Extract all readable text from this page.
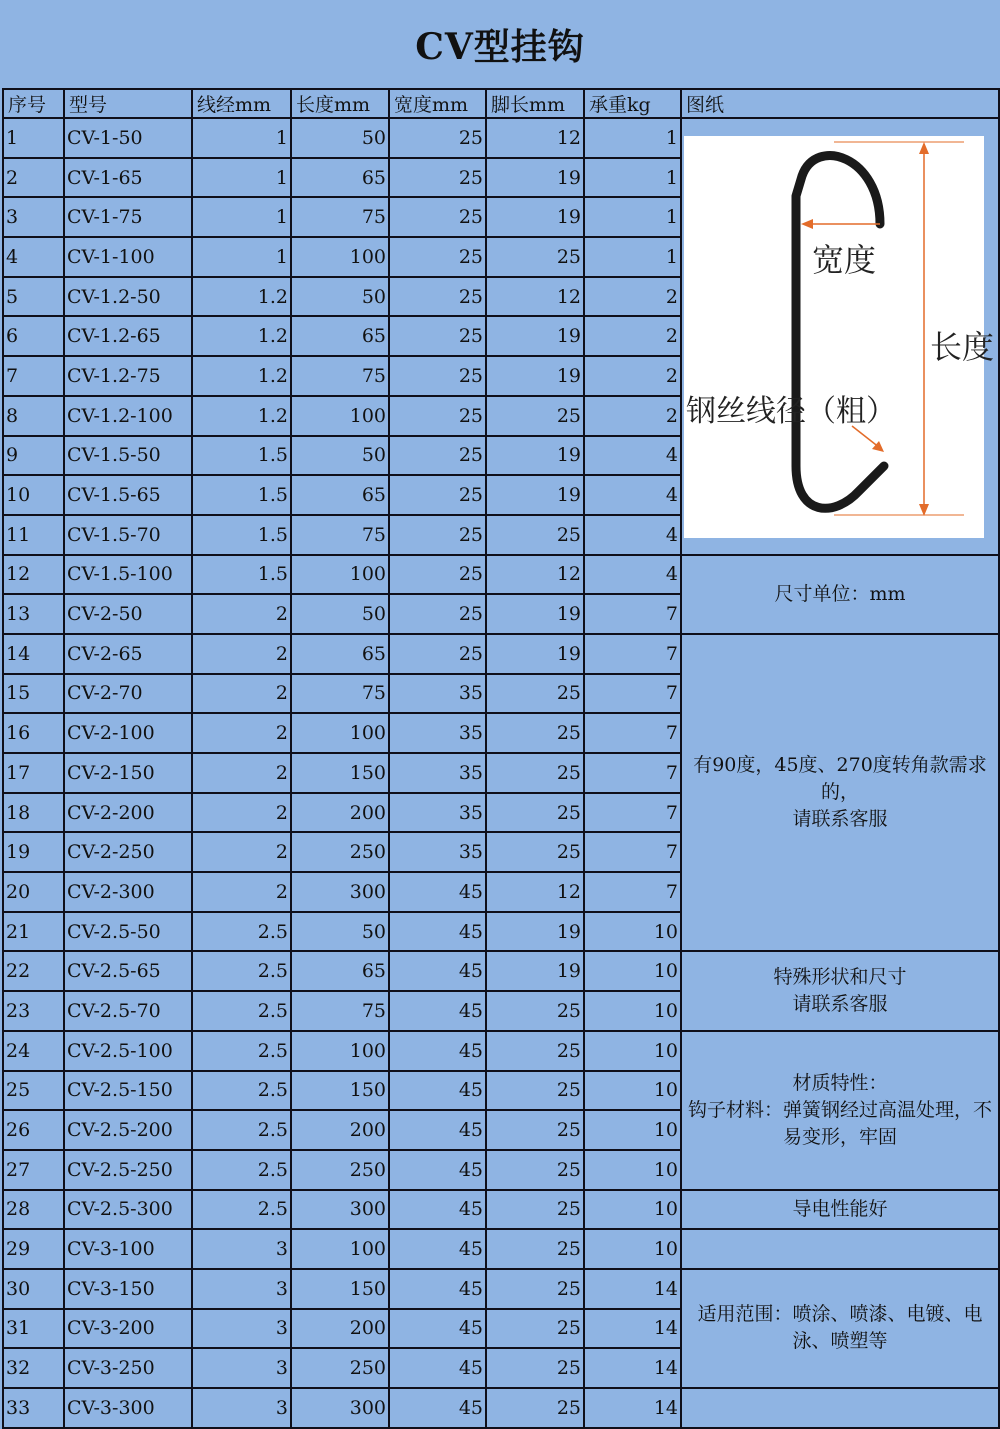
CV型挂钩
序号	型号	线经mm	长度mm	宽度mm	脚长mm	承重kg	图纸
1	CV-1-50	1	50	25	12	1	宽度
长度
钢丝线径（粗）

2	CV-1-65	1	65	25	19	1	
3	CV-1-75	1	75	25	19	1	
4	CV-1-100	1	100	25	25	1	
5	CV-1.2-50	1.2	50	25	12	2	
6	CV-1.2-65	1.2	65	25	19	2	
7	CV-1.2-75	1.2	75	25	19	2	
8	CV-1.2-100	1.2	100	25	25	2	
9	CV-1.5-50	1.5	50	25	19	4	
10	CV-1.5-65	1.5	65	25	19	4	
11	CV-1.5-70	1.5	75	25	25	4	
12	CV-1.5-100	1.5	100	25	12	4	尺寸单位：mm
13	CV-2-50	2	50	25	19	7	
14	CV-2-65	2	65	25	19	7	有90度，45度、270度转角款需求的，
请联系客服
15	CV-2-70	2	75	35	25	7	
16	CV-2-100	2	100	35	25	7	
17	CV-2-150	2	150	35	25	7	
18	CV-2-200	2	200	35	25	7	
19	CV-2-250	2	250	35	25	7	
20	CV-2-300	2	300	45	12	7	
21	CV-2.5-50	2.5	50	45	19	10	
22	CV-2.5-65	2.5	65	45	19	10	特殊形状和尺寸
请联系客服
23	CV-2.5-70	2.5	75	45	25	10	
24	CV-2.5-100	2.5	100	45	25	10	材质特性：
钩子材料：弹簧钢经过高温处理，不易变形，牢固
25	CV-2.5-150	2.5	150	45	25	10	
26	CV-2.5-200	2.5	200	45	25	10	
27	CV-2.5-250	2.5	250	45	25	10	
28	CV-2.5-300	2.5	300	45	25	10	导电性能好
29	CV-3-100	3	100	45	25	10	
30	CV-3-150	3	150	45	25	14	适用范围：喷涂、喷漆、电镀、电泳、喷塑等
31	CV-3-200	3	200	45	25	14	
32	CV-3-250	3	250	45	25	14	
33	CV-3-300	3	300	45	25	14	
